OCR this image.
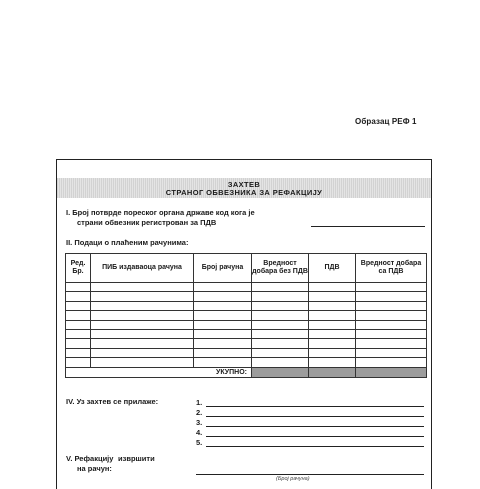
Образац РЕФ 1
ЗАХТЕВ
СТРАНОГ ОБВЕЗНИКА ЗА РЕФАКЦИЈУ
I. Број потврде пореског органа државе код кога је
страни обвезник регистрован за ПДВ
II. Подаци о плаћеним рачунима:
Ред. Бр.	ПИБ издаваоца рачуна	Број рачуна	Вредност добара без ПДВ	ПДВ	Вредност добара са ПДВ

УКУПНО:					
IV. Уз захтев се прилаже:	1.
2.
3.
4.
5.
V. Рефакцију извршити
на рачун:
(Број рачуна)
